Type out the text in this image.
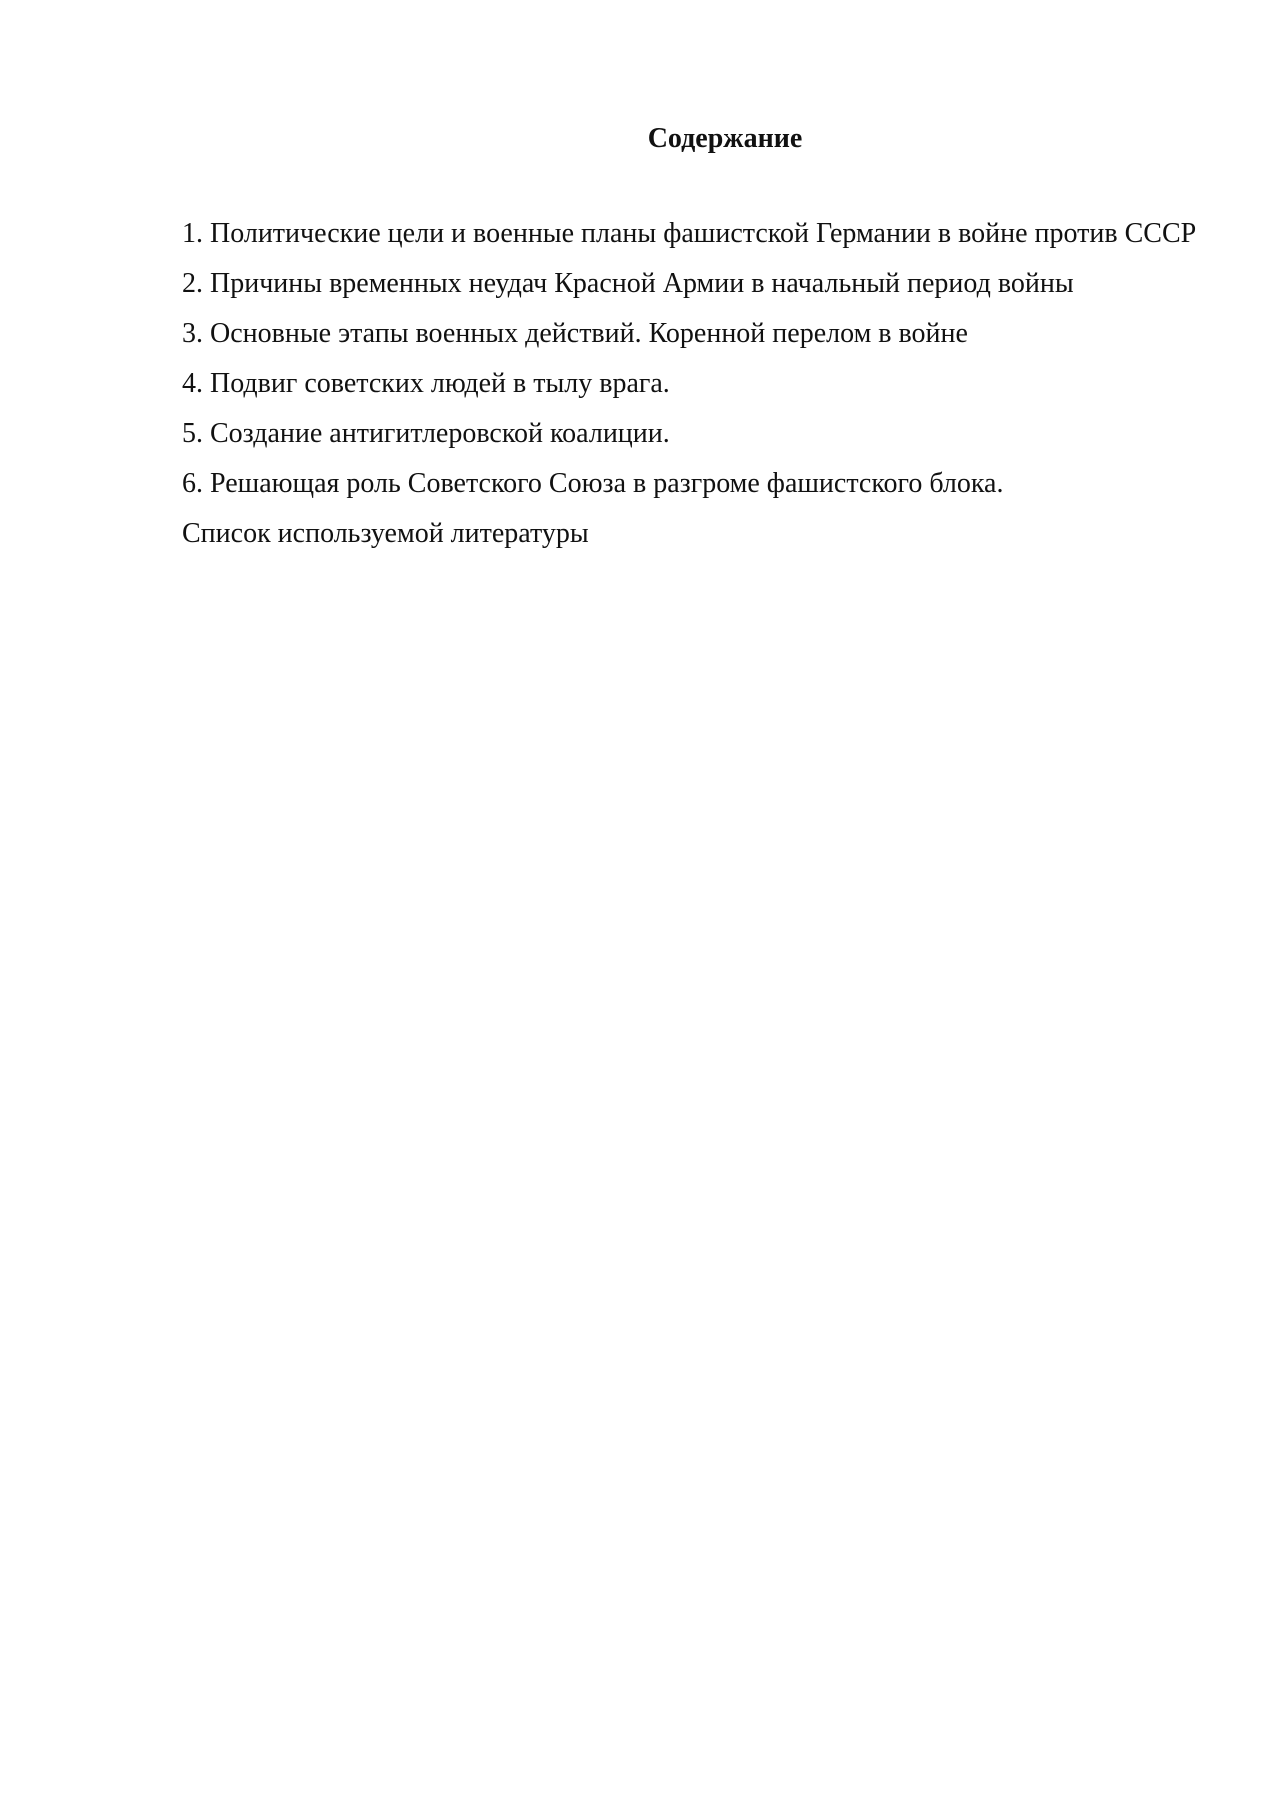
Содержание
1. Политические цели и военные планы фашистской Германии в войне против СССР
2. Причины временных неудач Красной Армии в начальный период войны
3. Основные этапы военных действий. Коренной перелом в войне
4. Подвиг советских людей в тылу врага.
5. Создание антигитлеровской коалиции.
6. Решающая роль Советского Союза в разгроме фашистского блока.
Список используемой литературы
